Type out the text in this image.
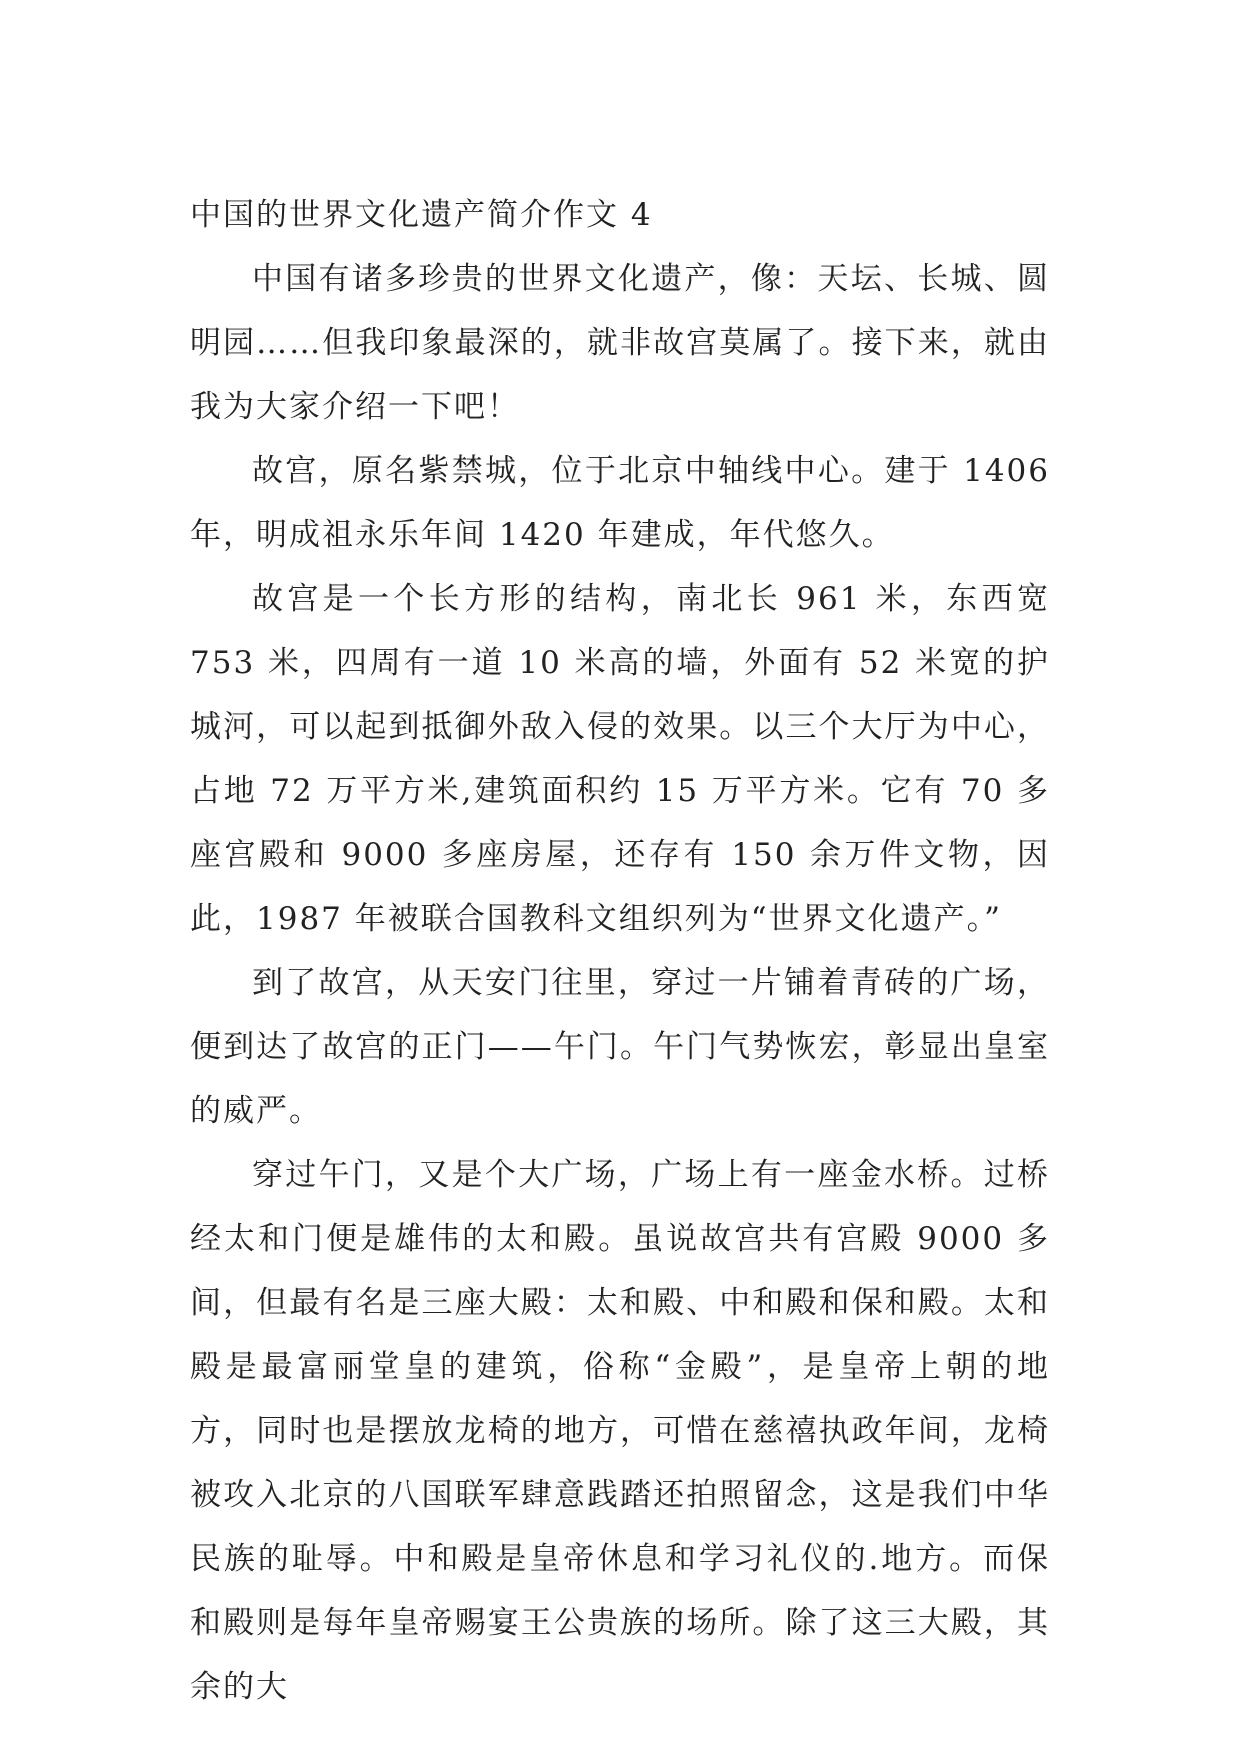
中国的世界文化遗产简介作文 4

中国有诸多珍贵的世界文化遗产，像：天坛、长城、圆明园……但我印象最深的，就非故宫莫属了。接下来，就由我为大家介绍一下吧！

故宫，原名紫禁城，位于北京中轴线中心。建于 1406 年，明成祖永乐年间 1420 年建成，年代悠久。

故宫是一个长方形的结构，南北长 961 米，东西宽 753 米，四周有一道 10 米高的墙，外面有 52 米宽的护城河，可以起到抵御外敌入侵的效果。以三个大厅为中心，占地 72 万平方米,建筑面积约 15 万平方米。它有 70 多座宫殿和 9000 多座房屋，还存有 150 余万件文物，因此，1987 年被联合国教科文组织列为“世界文化遗产。”

到了故宫，从天安门往里，穿过一片铺着青砖的广场，便到达了故宫的正门——午门。午门气势恢宏，彰显出皇室的威严。

穿过午门，又是个大广场，广场上有一座金水桥。过桥经太和门便是雄伟的太和殿。虽说故宫共有宫殿 9000 多间，但最有名是三座大殿：太和殿、中和殿和保和殿。太和殿是最富丽堂皇的建筑，俗称“金殿”，是皇帝上朝的地方，同时也是摆放龙椅的地方，可惜在慈禧执政年间，龙椅被攻入北京的八国联军肆意践踏还拍照留念，这是我们中华民族的耻辱。中和殿是皇帝休息和学习礼仪的.地方。而保和殿则是每年皇帝赐宴王公贵族的场所。除了这三大殿，其余的大
